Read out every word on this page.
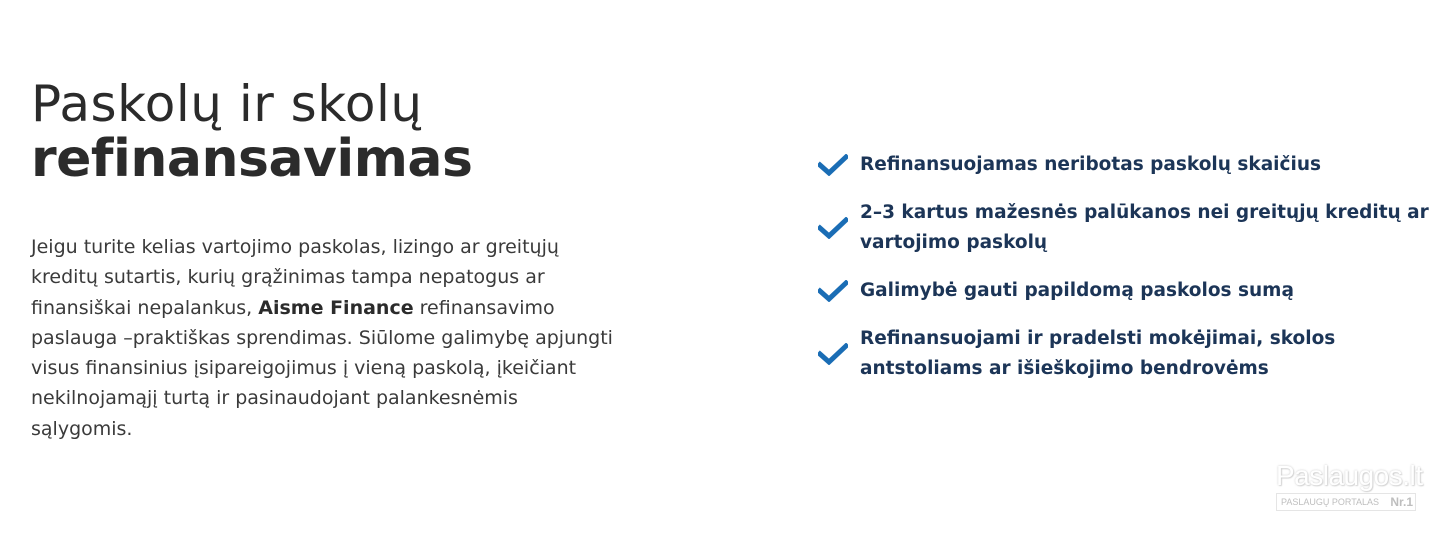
Paskolų ir skolų
refinansavimas
Jeigu turite kelias vartojimo paskolas, lizingo ar greitųjų
kreditų sutartis, kurių grąžinimas tampa nepatogus ar
finansiškai nepalankus, Aisme Finance refinansavimo
paslauga –praktiškas sprendimas. Siūlome galimybę apjungti
visus finansinius įsipareigojimus į vieną paskolą, įkeičiant
nekilnojamąjį turtą ir pasinaudojant palankesnėmis
sąlygomis.
Refinansuojamas neribotas paskolų skaičius
2–3 kartus mažesnės palūkanos nei greitųjų kreditų ar
vartojimo paskolų
Galimybė gauti papildomą paskolos sumą
Refinansuojami ir pradelsti mokėjimai, skolos
antstoliams ar išieškojimo bendrovėms
Paslaugos.lt
PASLAUGŲ PORTALAS Nr.1
